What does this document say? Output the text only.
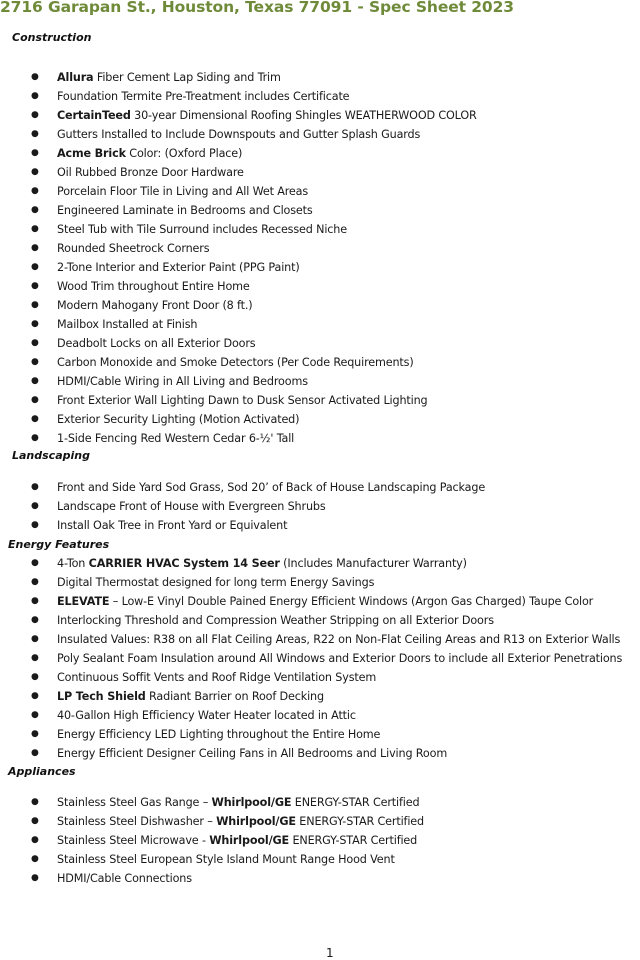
2716 Garapan St., Houston, Texas 77091 - Spec Sheet 2023
Construction
● Allura Fiber Cement Lap Siding and Trim
● Foundation Termite Pre-Treatment includes Certificate
● CertainTeed 30-year Dimensional Roofing Shingles WEATHERWOOD COLOR
● Gutters Installed to Include Downspouts and Gutter Splash Guards
● Acme Brick Color: (Oxford Place)
● Oil Rubbed Bronze Door Hardware
● Porcelain Floor Tile in Living and All Wet Areas
● Engineered Laminate in Bedrooms and Closets
● Steel Tub with Tile Surround includes Recessed Niche
● Rounded Sheetrock Corners
● 2-Tone Interior and Exterior Paint (PPG Paint)
● Wood Trim throughout Entire Home
● Modern Mahogany Front Door (8 ft.)
● Mailbox Installed at Finish
● Deadbolt Locks on all Exterior Doors
● Carbon Monoxide and Smoke Detectors (Per Code Requirements)
● HDMI/Cable Wiring in All Living and Bedrooms
● Front Exterior Wall Lighting Dawn to Dusk Sensor Activated Lighting
● Exterior Security Lighting (Motion Activated)
● 1-Side Fencing Red Western Cedar 6-½' Tall
Landscaping
● Front and Side Yard Sod Grass, Sod 20’ of Back of House Landscaping Package
● Landscape Front of House with Evergreen Shrubs
● Install Oak Tree in Front Yard or Equivalent
Energy Features
● 4-Ton CARRIER HVAC System 14 Seer (Includes Manufacturer Warranty)
● Digital Thermostat designed for long term Energy Savings
● ELEVATE – Low-E Vinyl Double Pained Energy Efficient Windows (Argon Gas Charged) Taupe Color
● Interlocking Threshold and Compression Weather Stripping on all Exterior Doors
● Insulated Values: R38 on all Flat Ceiling Areas, R22 on Non-Flat Ceiling Areas and R13 on Exterior Walls
● Poly Sealant Foam Insulation around All Windows and Exterior Doors to include all Exterior Penetrations
● Continuous Soffit Vents and Roof Ridge Ventilation System
● LP Tech Shield Radiant Barrier on Roof Decking
● 40-Gallon High Efficiency Water Heater located in Attic
● Energy Efficiency LED Lighting throughout the Entire Home
● Energy Efficient Designer Ceiling Fans in All Bedrooms and Living Room
Appliances
● Stainless Steel Gas Range – Whirlpool/GE ENERGY-STAR Certified
● Stainless Steel Dishwasher – Whirlpool/GE ENERGY-STAR Certified
● Stainless Steel Microwave - Whirlpool/GE ENERGY-STAR Certified
● Stainless Steel European Style Island Mount Range Hood Vent
● HDMI/Cable Connections
1
